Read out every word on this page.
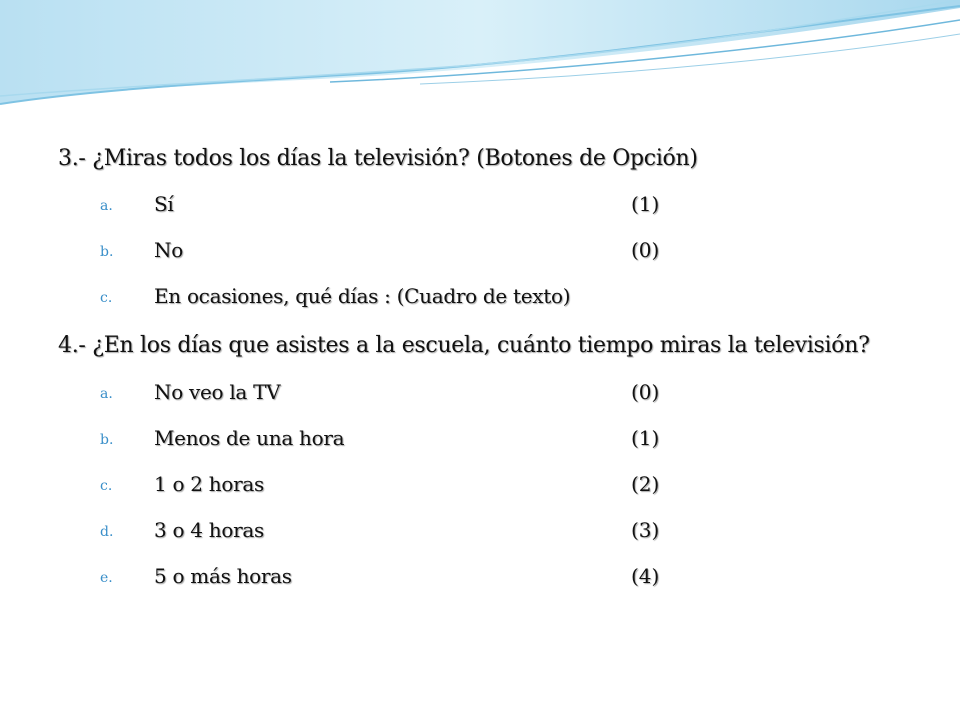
3.- ¿Miras todos los días la televisión? (Botones de Opción)

a. Sí	(1)
b. No	(0)
c. En ocasiones, qué días : (Cuadro de texto)

4.- ¿En los días que asistes a la escuela, cuánto tiempo miras la televisión?

a. No veo la TV	(0)
b. Menos de una hora	(1)
c. 1 o 2 horas	(2)
d. 3 o 4 horas	(3)
e. 5 o más horas	(4)
